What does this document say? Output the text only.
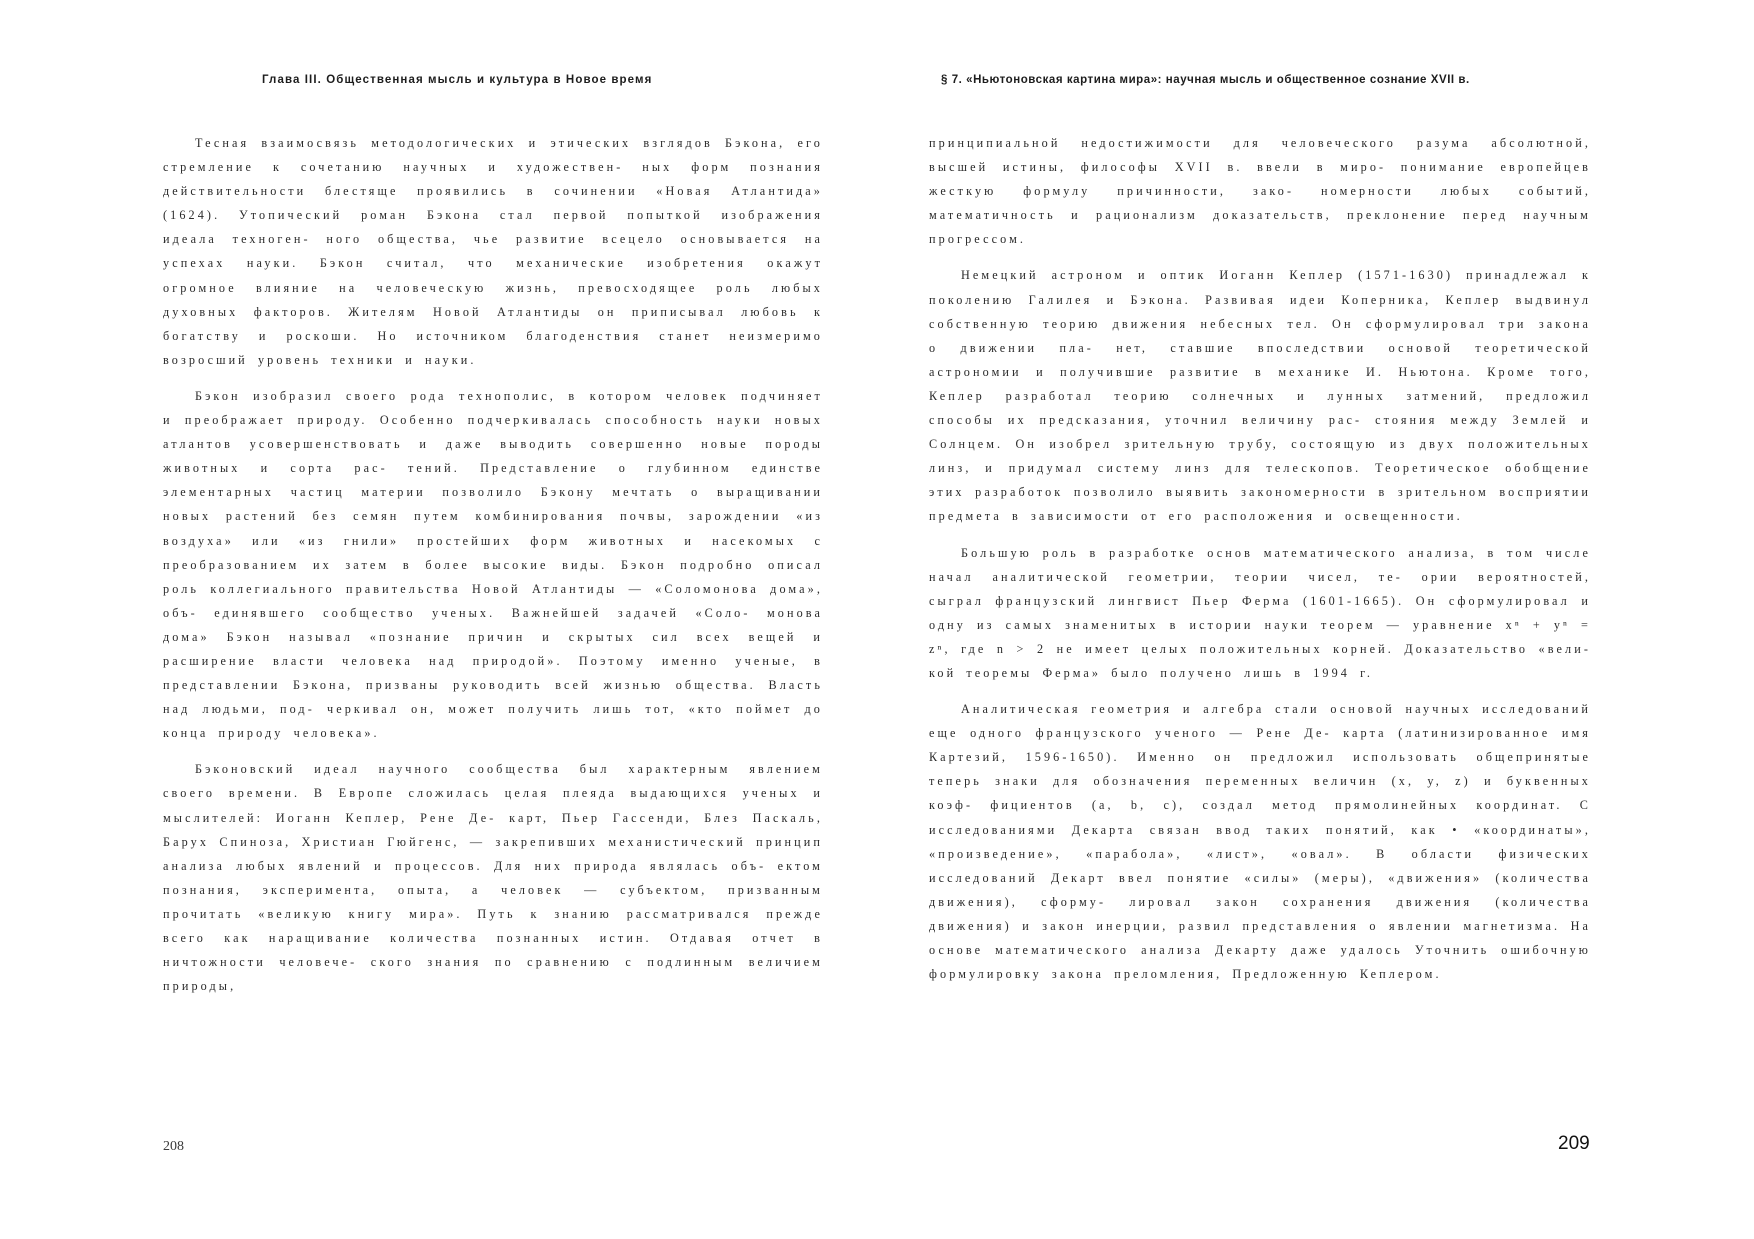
Глава III. Общественная мысль и культура в Новое время

Тесная взаимосвязь методологических и этических взглядов Бэкона, его стремление к сочетанию научных и художествен- ных форм познания действительности блестяще проявились в сочинении «Новая Атлантида» (1624). Утопический роман Бэкона стал первой попыткой изображения идеала техноген- ного общества, чье развитие всецело основывается на успехах науки. Бэкон считал, что механические изобретения окажут огромное влияние на человеческую жизнь, превосходящее роль любых духовных факторов. Жителям Новой Атлантиды он приписывал любовь к богатству и роскоши. Но источником благоденствия станет неизмеримо возросший уровень техники и науки.

Бэкон изобразил своего рода технополис, в котором человек подчиняет и преображает природу. Особенно подчеркивалась способность науки новых атлантов усовершенствовать и даже выводить совершенно новые породы животных и сорта рас- тений. Представление о глубинном единстве элементарных частиц материи позволило Бэкону мечтать о выращивании новых растений без семян путем комбинирования почвы, зарождении «из воздуха» или «из гнили» простейших форм животных и насекомых с преобразованием их затем в более высокие виды. Бэкон подробно описал роль коллегиального правительства Новой Атлантиды — «Соломонова дома», объ- единявшего сообщество ученых. Важнейшей задачей «Соло- монова дома» Бэкон называл «познание причин и скрытых сил всех вещей и расширение власти человека над природой». Поэтому именно ученые, в представлении Бэкона, призваны руководить всей жизнью общества. Власть над людьми, под- черкивал он, может получить лишь тот, «кто поймет до конца природу человека».

Бэконовский идеал научного сообщества был характерным явлением своего времени. В Европе сложилась целая плеяда выдающихся ученых и мыслителей: Иоганн Кеплер, Рене Де- карт, Пьер Гассенди, Блез Паскаль, Барух Спиноза, Христиан Гюйгенс, — закрепивших механистический принцип анализа любых явлений и процессов. Для них природа являлась объ- ектом познания, эксперимента, опыта, а человек — субъектом, призванным прочитать «великую книгу мира». Путь к знанию рассматривался прежде всего как наращивание количества познанных истин. Отдавая отчет в ничтожности человече- ского знания по сравнению с подлинным величием природы,

208
§ 7. «Ньютоновская картина мира»: научная мысль и общественное сознание XVII в.

принципиальной недостижимости для человеческого разума абсолютной, высшей истины, философы XVII в. ввели в миро- понимание европейцев жесткую формулу причинности, зако- номерности любых событий, математичность и рационализм доказательств, преклонение перед научным прогрессом.

Немецкий астроном и оптик Иоганн Кеплер (1571-1630) принадлежал к поколению Галилея и Бэкона. Развивая идеи Коперника, Кеплер выдвинул собственную теорию движения небесных тел. Он сформулировал три закона о движении пла- нет, ставшие впоследствии основой теоретической астрономии и получившие развитие в механике И. Ньютона. Кроме того, Кеплер разработал теорию солнечных и лунных затмений, предложил способы их предсказания, уточнил величину рас- стояния между Землей и Солнцем. Он изобрел зрительную трубу, состоящую из двух положительных линз, и придумал систему линз для телескопов. Теоретическое обобщение этих разработок позволило выявить закономерности в зрительном восприятии предмета в зависимости от его расположения и освещенности.

Большую роль в разработке основ математического анализа, в том числе начал аналитической геометрии, теории чисел, те- ории вероятностей, сыграл французский лингвист Пьер Ферма (1601-1665). Он сформулировал и одну из самых знаменитых в истории науки теорем — уравнение xⁿ + yⁿ = zⁿ, где n > 2 не имеет целых положительных корней. Доказательство «вели- кой теоремы Ферма» было получено лишь в 1994 г.

Аналитическая геометрия и алгебра стали основой научных исследований еще одного французского ученого — Рене Де- карта (латинизированное имя Картезий, 1596-1650). Именно он предложил использовать общепринятые теперь знаки для обозначения переменных величин (x, y, z) и буквенных коэф- фициентов (a, b, c), создал метод прямолинейных координат. С исследованиями Декарта связан ввод таких понятий, как • «координаты», «произведение», «парабола», «лист», «овал». В области физических исследований Декарт ввел понятие «силы» (меры), «движения» (количества движения), сформу- лировал закон сохранения движения (количества движения) и закон инерции, развил представления о явлении магнетизма. На основе математического анализа Декарту даже удалось Уточнить ошибочную формулировку закона преломления, Предложенную Кеплером.

209
